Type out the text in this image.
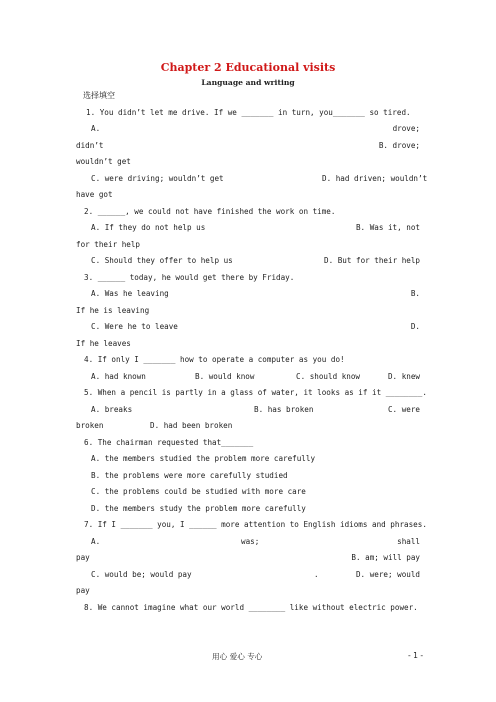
Chapter 2 Educational visits
Language and writing
选择填空
1. You didn’t let me drive. If we _______ in turn, you_______ so tired.
A.	drove;
didn’t	B. drove;
wouldn’t get
C. were driving; wouldn’t get	D. had driven; wouldn’t
have got
2. ______, we could not have finished the work on time.
A. If they do not help us	B. Was it, not
for their help
C. Should they offer to help us	D. But for their help
3. ______ today, he would get there by Friday.
A. Was he leaving	B.
If he is leaving
C. Were he to leave	D.
If he leaves
4. If only I _______ how to operate a computer as you do!
A. had known	B. would know	C. should know	D. knew
5. When a pencil is partly in a glass of water, it looks as if it ________.
A. breaks	B. has broken	C. were
broken	D. had been broken
6. The chairman requested that_______
A. the members studied the problem more carefully
B. the problems were more carefully studied
C. the problems could be studied with more care
D. the members study the problem more carefully
7. If I _______ you, I ______ more attention to English idioms and phrases.
A.	was;	shall
pay	B. am; will pay
C. would be; would pay	.	D. were; would
pay
8. We cannot imagine what our world ________ like without electric power.
用心 爱心 专心	- 1 -
